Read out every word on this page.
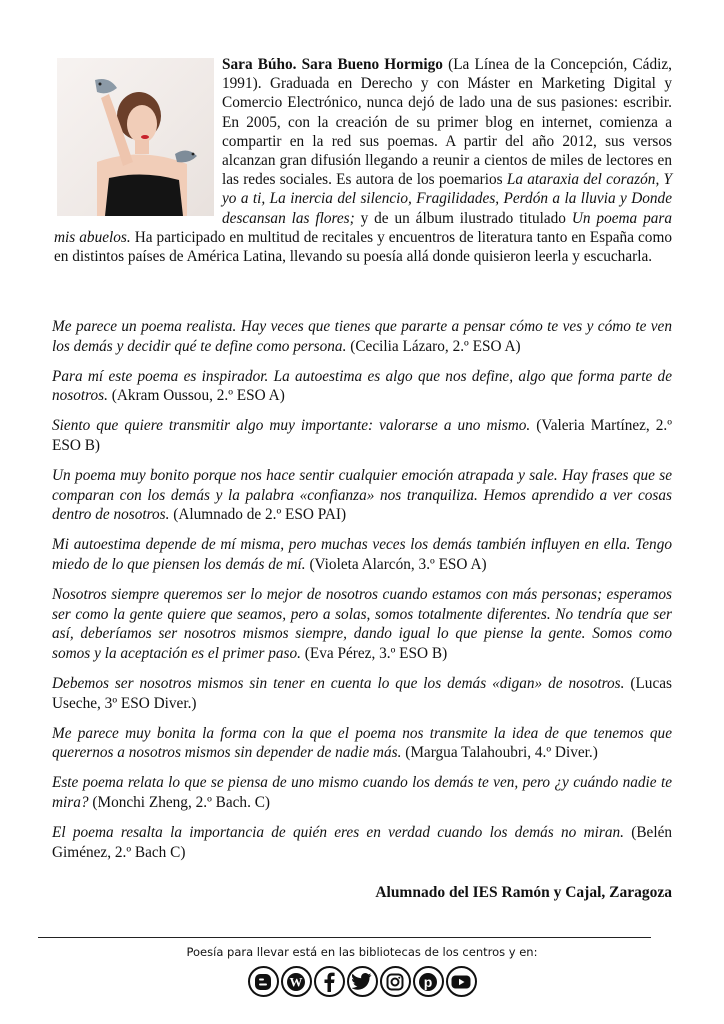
Sara Búho. Sara Bueno Hormigo (La Línea de la Concepción, Cádiz, 1991). Graduada en Derecho y con Máster en Marketing Digital y Comercio Electrónico, nunca dejó de lado una de sus pasiones: escribir. En 2005, con la creación de su primer blog en internet, comienza a compartir en la red sus poemas. A partir del año 2012, sus versos alcanzan gran difusión llegando a reunir a cientos de miles de lectores en las redes sociales. Es autora de los poemarios La ataraxia del corazón, Y yo a ti, La inercia del silencio, Fragilidades, Perdón a la lluvia y Donde descansan las flores; y de un álbum ilustrado titulado Un poema para mis abuelos. Ha participado en multitud de recitales y encuentros de literatura tanto en España como en distintos países de América Latina, llevando su poesía allá donde quisieron leerla y escucharla.

Me parece un poema realista. Hay veces que tienes que pararte a pensar cómo te ves y cómo te ven los demás y decidir qué te define como persona. (Cecilia Lázaro, 2.º ESO A)

Para mí este poema es inspirador. La autoestima es algo que nos define, algo que forma parte de nosotros. (Akram Oussou, 2.º ESO A)

Siento que quiere transmitir algo muy importante: valorarse a uno mismo. (Valeria Martínez, 2.º ESO B)

Un poema muy bonito porque nos hace sentir cualquier emoción atrapada y sale. Hay frases que se comparan con los demás y la palabra «confianza» nos tranquiliza. Hemos aprendido a ver cosas dentro de nosotros. (Alumnado de 2.º ESO PAI)

Mi autoestima depende de mí misma, pero muchas veces los demás también influyen en ella. Tengo miedo de lo que piensen los demás de mí. (Violeta Alarcón, 3.º ESO A)

Nosotros siempre queremos ser lo mejor de nosotros cuando estamos con más personas; esperamos ser como la gente quiere que seamos, pero a solas, somos totalmente diferentes. No tendría que ser así, deberíamos ser nosotros mismos siempre, dando igual lo que piense la gente. Somos como somos y la aceptación es el primer paso. (Eva Pérez, 3.º ESO B)

Debemos ser nosotros mismos sin tener en cuenta lo que los demás «digan» de nosotros. (Lucas Useche, 3º ESO Diver.)

Me parece muy bonita la forma con la que el poema nos transmite la idea de que tenemos que querernos a nosotros mismos sin depender de nadie más. (Margua Talahoubri, 4.º Diver.)

Este poema relata lo que se piensa de uno mismo cuando los demás te ven, pero ¿y cuándo nadie te mira? (Monchi Zheng, 2.º Bach. C)

El poema resalta la importancia de quién eres en verdad cuando los demás no miran. (Belén Giménez, 2.º Bach C)

Alumnado del IES Ramón y Cajal, Zaragoza
Poesía para llevar está en las bibliotecas de los centros y en:
W	p
